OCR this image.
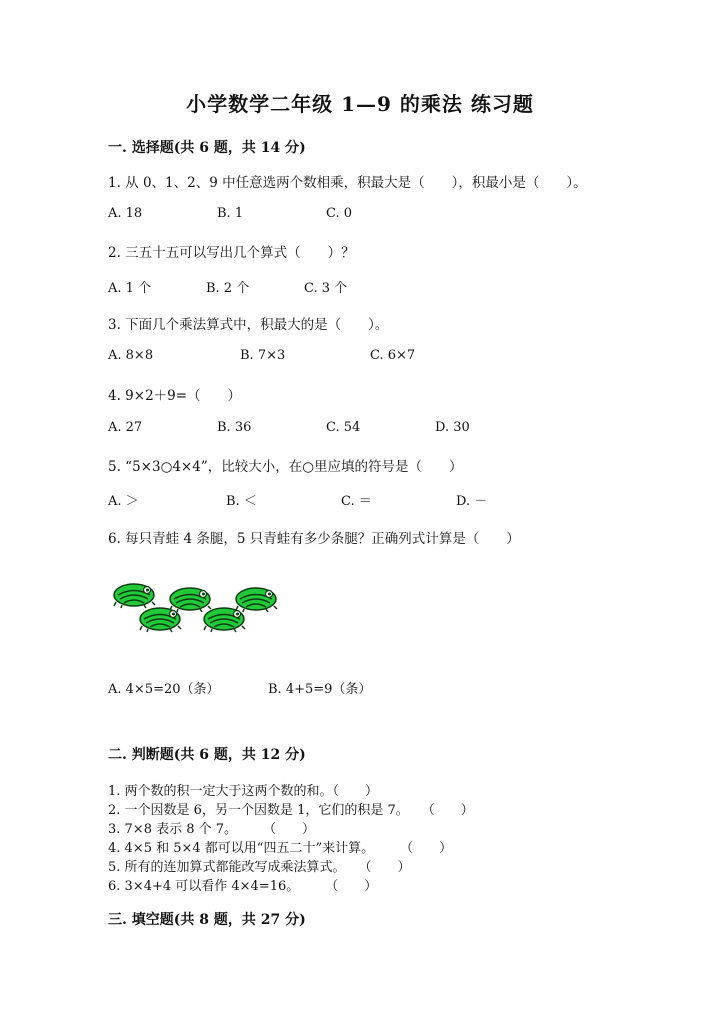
小学数学二年级 1—9 的乘法 练习题
一. 选择题(共 6 题，共 14 分)
1. 从 0、1、2、9 中任意选两个数相乘，积最大是（　　），积最小是（　　）。
A. 18	B. 1	C. 0
2. 三五十五可以写出几个算式（　　）？
A. 1 个	B. 2 个	C. 3 个
3. 下面几个乘法算式中，积最大的是（　　）。
A. 8×8	B. 7×3	C. 6×7
4. 9×2＋9=（　　）
A. 27	B. 36	C. 54	D. 30
5. “5×3○4×4”，比较大小，在○里应填的符号是（　　）
A. ＞	B. ＜	C. ＝	D. －
6. 每只青蛙 4 条腿，5 只青蛙有多少条腿？正确列式计算是（　　）
A. 4×5=20（条）	B. 4+5=9（条）
二. 判断题(共 6 题，共 12 分)
1. 两个数的积一定大于这两个数的和。（　　）
2. 一个因数是 6，另一个因数是 1，它们的积是 7。　　（　　）
3. 7×8 表示 8 个 7。　　　（　　）
4. 4×5 和 5×4 都可以用“四五二十”来计算。　　　（　　）
5. 所有的连加算式都能改写成乘法算式。　　（　　）
6. 3×4+4 可以看作 4×4=16。　　　（　　）
三. 填空题(共 8 题，共 27 分)
